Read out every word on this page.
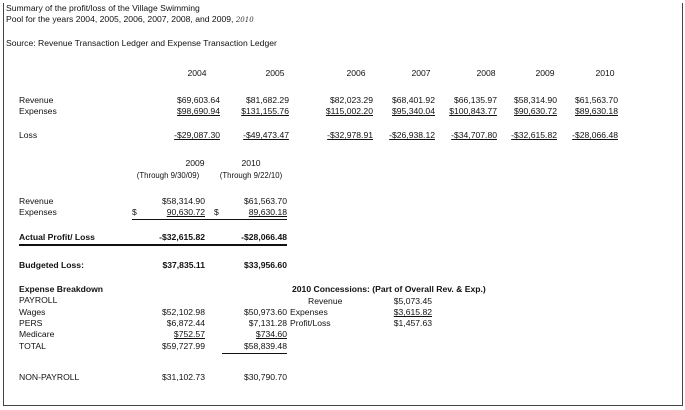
Summary of the profit/loss of the Village Swimming
Pool for the years 2004, 2005, 2006, 2007, 2008, and 2009, 2010
Source: Revenue Transaction Ledger and Expense Transaction Ledger
2004	2005	2006	2007	2008	2009	2010
Revenue	$69,603.64	$81,682.29	$82,023.29	$68,401.92	$66,135.97	$58,314.90	$61,563.70
Expenses	$98,690.94	$131,155.76	$115,002.20	$95,340.04	$100,843.77	$90,630.72	$89,630.18
Loss	-$29,087.30	-$49,473.47	-$32,978.91	-$26,938.12	-$34,707.80	-$32,615.82	-$28,066.48
2009	2010
(Through 9/30/09)	(Through 9/22/10)
Revenue	$58,314.90	$61,563.70
Expenses	$	90,630.72 $	89,630.18
Actual Profit/ Loss	-$32,615.82	-$28,066.48
Budgeted Loss:	$37,835.11	$33,956.60
Expense Breakdown
PAYROLL
Wages	$52,102.98	$50,973.60
PERS	$6,872.44	$7,131.28
Medicare	$752.57	$734.60
TOTAL	$59,727.99	$58,839.48
NON-PAYROLL	$31,102.73	$30,790.70
2010 Concessions: (Part of Overall Rev. & Exp.)
Revenue	$5,073.45
Expenses	$3,615.82
Profit/Loss	$1,457.63
